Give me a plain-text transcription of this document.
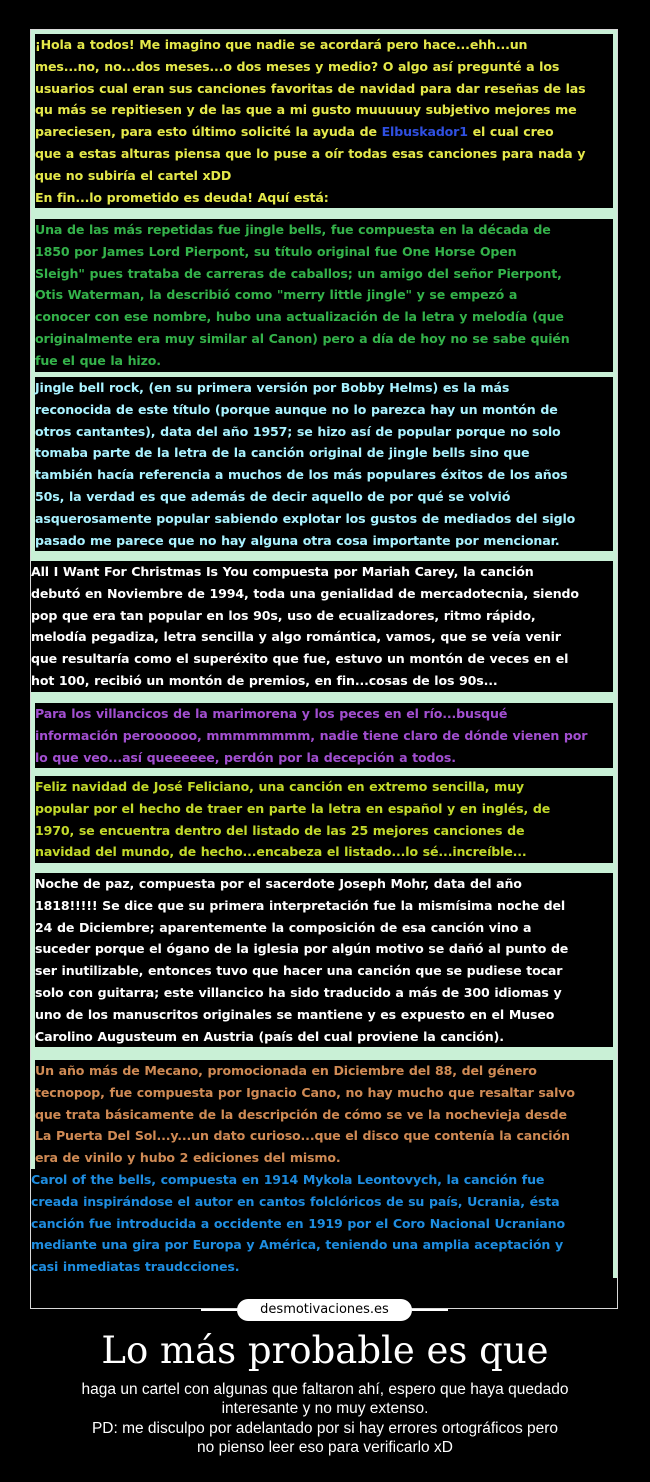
¡Hola a todos! Me imagino que nadie se acordará pero hace...ehh...un
mes...no, no...dos meses...o dos meses y medio? O algo así pregunté a los
usuarios cual eran sus canciones favoritas de navidad para dar reseñas de las
qu más se repitiesen y de las que a mi gusto muuuuuy subjetivo mejores me
pareciesen, para esto último solicité la ayuda de Elbuskador1 el cual creo
que a estas alturas piensa que lo puse a oír todas esas canciones para nada y
que no subiría el cartel xDD
En fin...lo prometido es deuda! Aquí está:
Una de las más repetidas fue jingle bells, fue compuesta en la década de
1850 por James Lord Pierpont, su título original fue One Horse Open
Sleigh" pues trataba de carreras de caballos; un amigo del señor Pierpont,
Otis Waterman, la describió como "merry little jingle" y se empezó a
conocer con ese nombre, hubo una actualización de la letra y melodía (que
originalmente era muy similar al Canon) pero a día de hoy no se sabe quién
fue el que la hizo.
Jingle bell rock, (en su primera versión por Bobby Helms) es la más
reconocida de este título (porque aunque no lo parezca hay un montón de
otros cantantes), data del año 1957; se hizo así de popular porque no solo
tomaba parte de la letra de la canción original de jingle bells sino que
también hacía referencia a muchos de los más populares éxitos de los años
50s, la verdad es que además de decir aquello de por qué se volvió
asquerosamente popular sabiendo explotar los gustos de mediados del siglo
pasado me parece que no hay alguna otra cosa importante por mencionar.
All I Want For Christmas Is You compuesta por Mariah Carey, la canción
debutó en Noviembre de 1994, toda una genialidad de mercadotecnia, siendo
pop que era tan popular en los 90s, uso de ecualizadores, ritmo rápido,
melodía pegadiza, letra sencilla y algo romántica, vamos, que se veía venir
que resultaría como el superéxito que fue, estuvo un montón de veces en el
hot 100, recibió un montón de premios, en fin...cosas de los 90s...
Para los villancicos de la marimorena y los peces en el río...busqué
información peroooooo, mmmmmmmm, nadie tiene claro de dónde vienen por
lo que veo...así queeeeee, perdón por la decepción a todos.
Feliz navidad de José Feliciano, una canción en extremo sencilla, muy
popular por el hecho de traer en parte la letra en español y en inglés, de
1970, se encuentra dentro del listado de las 25 mejores canciones de
navidad del mundo, de hecho...encabeza el listado...lo sé...increíble...
Noche de paz, compuesta por el sacerdote Joseph Mohr, data del año
1818!!!!! Se dice que su primera interpretación fue la mismísima noche del
24 de Diciembre; aparentemente la composición de esa canción vino a
suceder porque el ógano de la iglesia por algún motivo se dañó al punto de
ser inutilizable, entonces tuvo que hacer una canción que se pudiese tocar
solo con guitarra; este villancico ha sido traducido a más de 300 idiomas y
uno de los manuscritos originales se mantiene y es expuesto en el Museo
Carolino Augusteum en Austria (país del cual proviene la canción).
Un año más de Mecano, promocionada en Diciembre del 88, del género
tecnopop, fue compuesta por Ignacio Cano, no hay mucho que resaltar salvo
que trata básicamente de la descripción de cómo se ve la nochevieja desde
La Puerta Del Sol...y...un dato curioso...que el disco que contenía la canción
era de vinilo y hubo 2 ediciones del mismo.
Carol of the bells, compuesta en 1914 Mykola Leontovych, la canción fue
creada inspirándose el autor en cantos folclóricos de su país, Ucrania, ésta
canción fue introducida a occidente en 1919 por el Coro Nacional Ucraniano
mediante una gira por Europa y América, teniendo una amplia aceptación y
casi inmediatas traudcciones.
desmotivaciones.es
Lo más probable es que
haga un cartel con algunas que faltaron ahí, espero que haya quedado
interesante y no muy extenso.
PD: me disculpo por adelantado por si hay errores ortográficos pero
no pienso leer eso para verificarlo xD
